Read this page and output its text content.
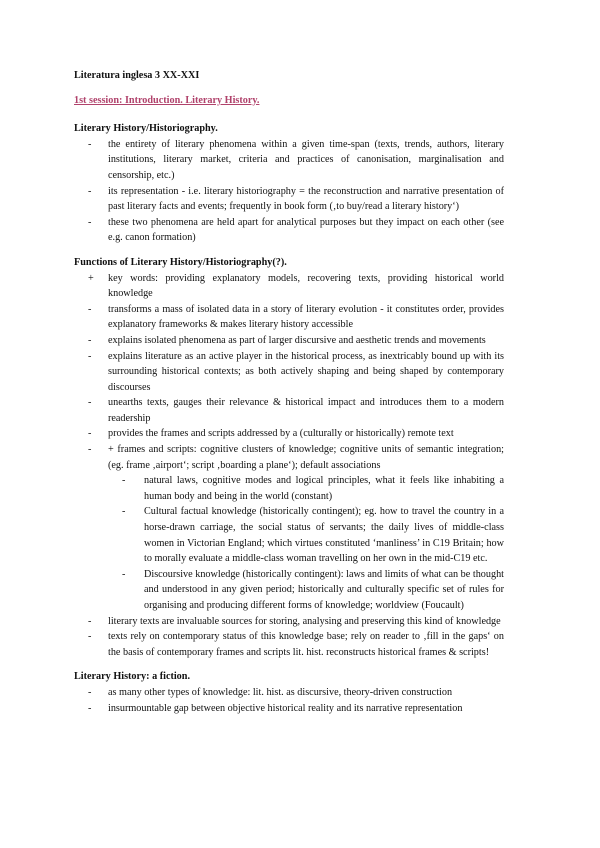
Literatura inglesa 3 XX-XXI

1st session: Introduction. Literary History.

Literary History/Historiography.

-	the entirety of literary phenomena within a given time-span (texts, trends, authors, literary institutions, literary market, criteria and practices of canonisation, marginalisation and censorship, etc.)
-	its representation - i.e. literary historiography = the reconstruction and narrative presentation of past literary facts and events; frequently in book form (‚to buy/read a literary history‘)
-	these two phenomena are held apart for analytical purposes but they impact on each other (see e.g. canon formation)

Functions of Literary History/Historiography(?).

+	key words: providing explanatory models, recovering texts, providing historical world knowledge
-	transforms a mass of isolated data in a story of literary evolution - it constitutes order, provides explanatory frameworks & makes literary history accessible
-	explains isolated phenomena as part of larger discursive and aesthetic trends and movements
-	explains literature as an active player in the historical process, as inextricably bound up with its surrounding historical contexts; as both actively shaping and being shaped by contemporary discourses
-	unearths texts, gauges their relevance & historical impact and introduces them to a modern readership
-	provides the frames and scripts addressed by a (culturally or historically) remote text
-	+ frames and scripts: cognitive clusters of knowledge; cognitive units of semantic integration; (eg. frame ‚airport‘; script ‚boarding a plane‘); default associations
- natural laws, cognitive modes and logical principles, what it feels like inhabiting a human body and being in the world (constant)
- Cultural factual knowledge (historically contingent); eg. how to travel the country in a horse-drawn carriage, the social status of servants; the daily lives of middle-class women in Victorian England; which virtues constituted ‘manliness’ in C19 Britain; how to morally evaluate a middle-class woman travelling on her own in the mid-C19 etc.
- Discoursive knowledge (historically contingent): laws and limits of what can be thought and understood in any given period; historically and culturally specific set of rules for organising and producing different forms of knowledge; worldview (Foucault)
-	literary texts are invaluable sources for storing, analysing and preserving this kind of knowledge
-	texts rely on contemporary status of this knowledge base; rely on reader to ‚fill in the gaps‘ on the basis of contemporary frames and scripts lit. hist. reconstructs historical frames & scripts!

Literary History: a fiction.

-	as many other types of knowledge: lit. hist. as discursive, theory-driven construction
-	insurmountable gap between objective historical reality and its narrative representation
